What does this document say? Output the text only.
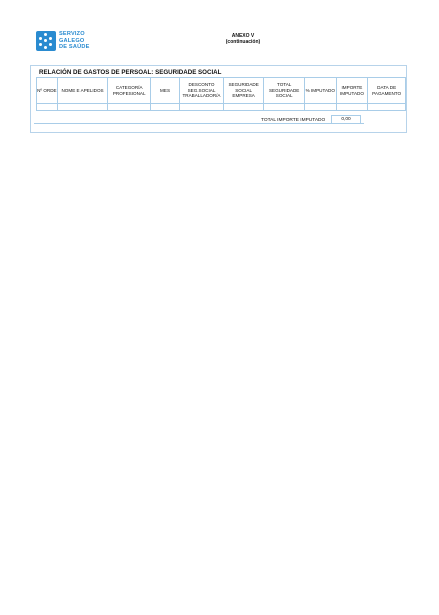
SERVIZO
GALEGO
DE SAÚDE
ANEXO V
(continuación)
RELACIÓN DE GASTOS DE PERSOAL: SEGURIDADE SOCIAL
Nº ORDE	NOME E APELIDOS	CATEGORÍA PROFESIONAL	MES	DESCONTO SEG.SOCIAL TRABALLADOR/A	SEGURIDADE SOCIAL EMPRESA	TOTAL SEGURIDADE SOCIAL	% IMPUTADO	IMPORTE IMPUTADO	DATA DE PAGAMENTO

TOTAL IMPORTE IMPUTADO	0,00
